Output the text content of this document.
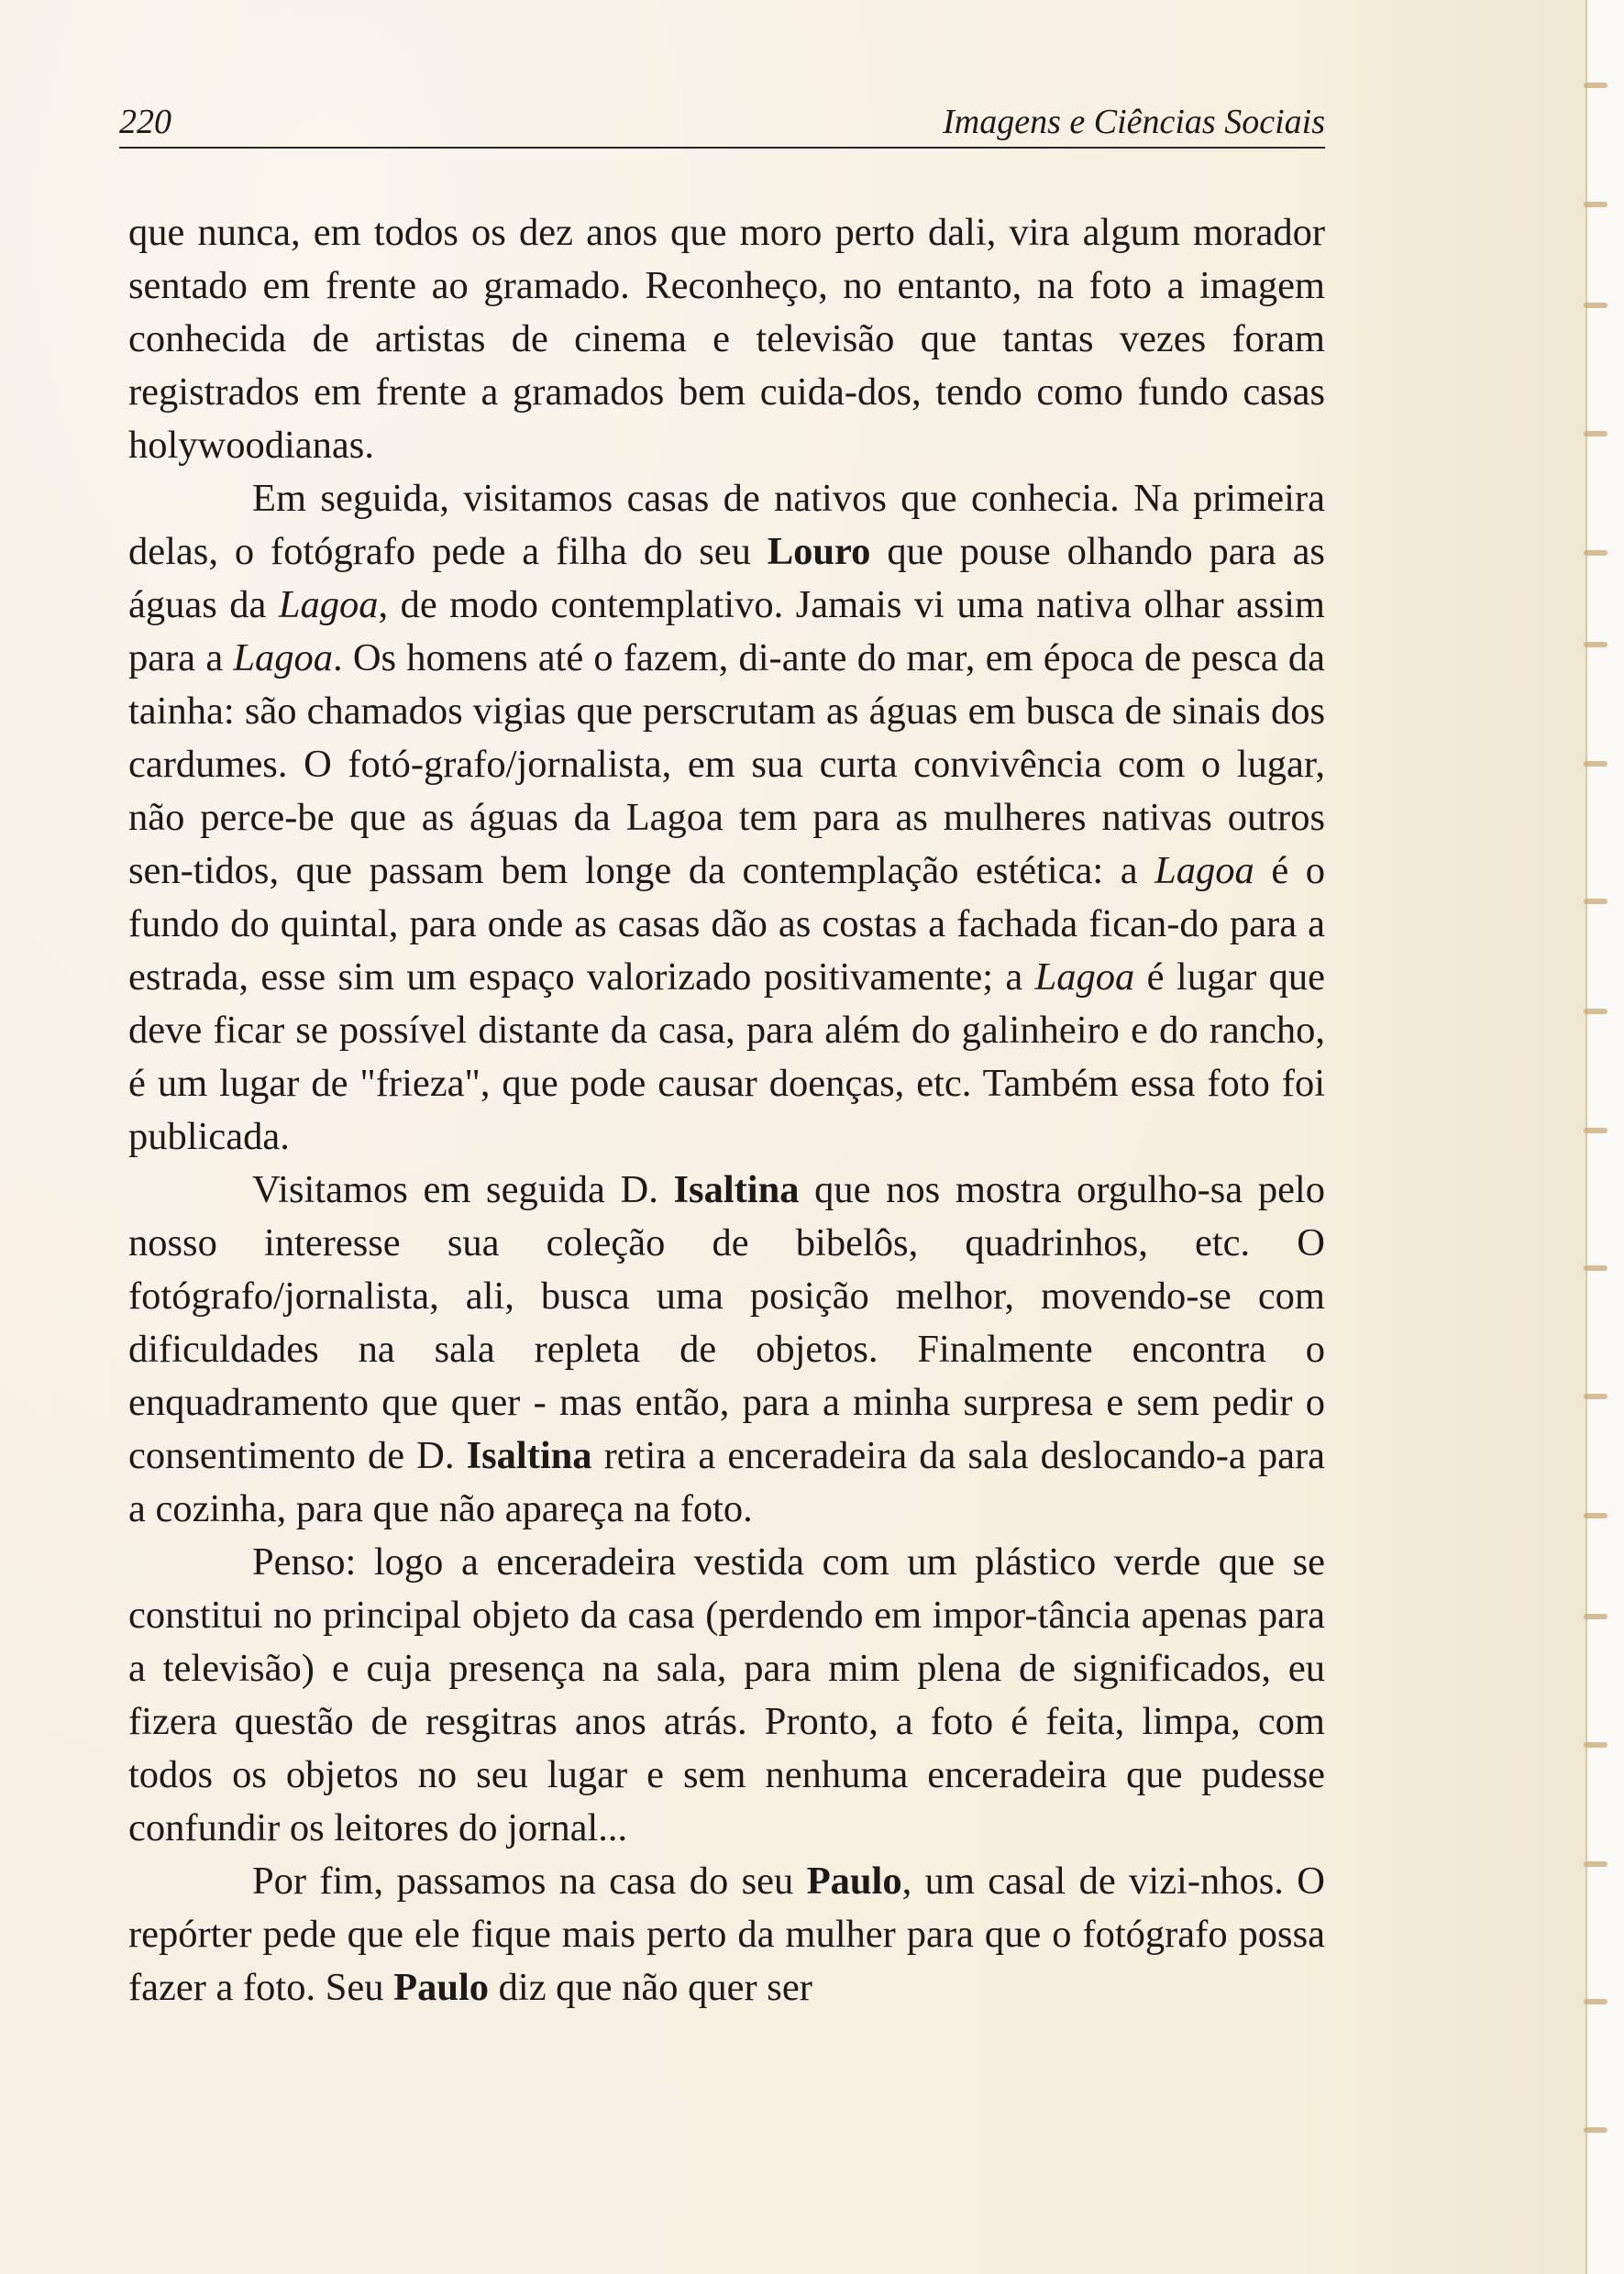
220	Imagens e Ciências Sociais

que nunca, em todos os dez anos que moro perto dali, vira algum morador sentado em frente ao gramado. Reconheço, no entanto, na foto a imagem conhecida de artistas de cinema e televisão que tantas vezes foram registrados em frente a gramados bem cuida-dos, tendo como fundo casas holywoodianas.

Em seguida, visitamos casas de nativos que conhecia. Na primeira delas, o fotógrafo pede a filha do seu Louro que pouse olhando para as águas da Lagoa, de modo contemplativo. Jamais vi uma nativa olhar assim para a Lagoa. Os homens até o fazem, di-ante do mar, em época de pesca da tainha: são chamados vigias que perscrutam as águas em busca de sinais dos cardumes. O fotó-grafo/jornalista, em sua curta convivência com o lugar, não perce-be que as águas da Lagoa tem para as mulheres nativas outros sen-tidos, que passam bem longe da contemplação estética: a Lagoa é o fundo do quintal, para onde as casas dão as costas a fachada fican-do para a estrada, esse sim um espaço valorizado positivamente; a Lagoa é lugar que deve ficar se possível distante da casa, para além do galinheiro e do rancho, é um lugar de "frieza", que pode causar doenças, etc. Também essa foto foi publicada.

Visitamos em seguida D. Isaltina que nos mostra orgulho-sa pelo nosso interesse sua coleção de bibelôs, quadrinhos, etc. O fotógrafo/jornalista, ali, busca uma posição melhor, movendo-se com dificuldades na sala repleta de objetos. Finalmente encontra o enquadramento que quer - mas então, para a minha surpresa e sem pedir o consentimento de D. Isaltina retira a enceradeira da sala deslocando-a para a cozinha, para que não apareça na foto.

Penso: logo a enceradeira vestida com um plástico verde que se constitui no principal objeto da casa (perdendo em impor-tância apenas para a televisão) e cuja presença na sala, para mim plena de significados, eu fizera questão de resgitras anos atrás. Pronto, a foto é feita, limpa, com todos os objetos no seu lugar e sem nenhuma enceradeira que pudesse confundir os leitores do jornal...

Por fim, passamos na casa do seu Paulo, um casal de vizi-nhos. O repórter pede que ele fique mais perto da mulher para que o fotógrafo possa fazer a foto. Seu Paulo diz que não quer ser
